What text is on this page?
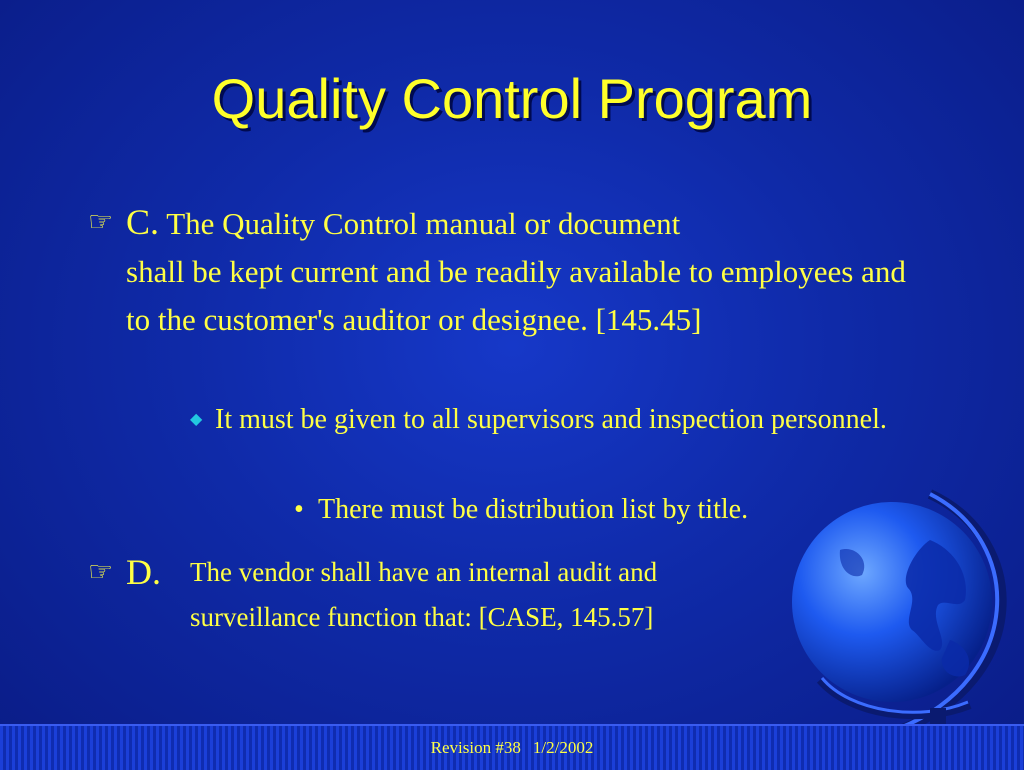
Quality Control Program
☞ C. The Quality Control manual or document
shall be kept current and be readily available to employees and to the customer's auditor or designee. [145.45]
◆ It must be given to all supervisors and inspection personnel.
• There must be distribution list by title.
☞ D.	The vendor shall have an internal audit and surveillance function that: [CASE, 145.57]
Revision #38 1/2/2002
